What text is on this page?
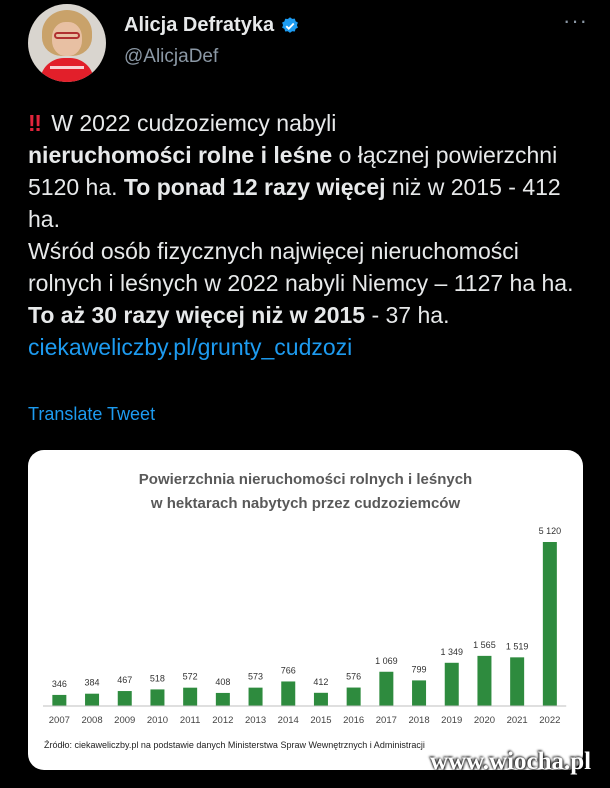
Alicja Defratyka
@AlicjaDef
···
‼ W 2022 cudzoziemcy nabyli
nieruchomości rolne i leśne o łącznej powierzchni 5120 ha. To ponad 12 razy więcej niż w 2015 - 412 ha.
Wśród osób fizycznych najwięcej nieruchomości rolnych i leśnych w 2022 nabyli Niemcy – 1127 ha ha. To aż 30 razy więcej niż w 2015 - 37 ha.
ciekaweliczby.pl/grunty_cudzozi
Translate Tweet
Powierzchnia nieruchomości rolnych i leśnych
w hektarach nabytych przez cudzoziemców
346
2007
384
2008
467
2009
518
2010
572
2011
408
2012
573
2013
766
2014
412
2015
576
2016
1 069
2017
799
2018
1 349
2019
1 565
2020
1 519
2021
5 120
2022
Źródło: ciekaweliczby.pl na podstawie danych Ministerstwa Spraw Wewnętrznych i Administracji
www.wiocha.pl
